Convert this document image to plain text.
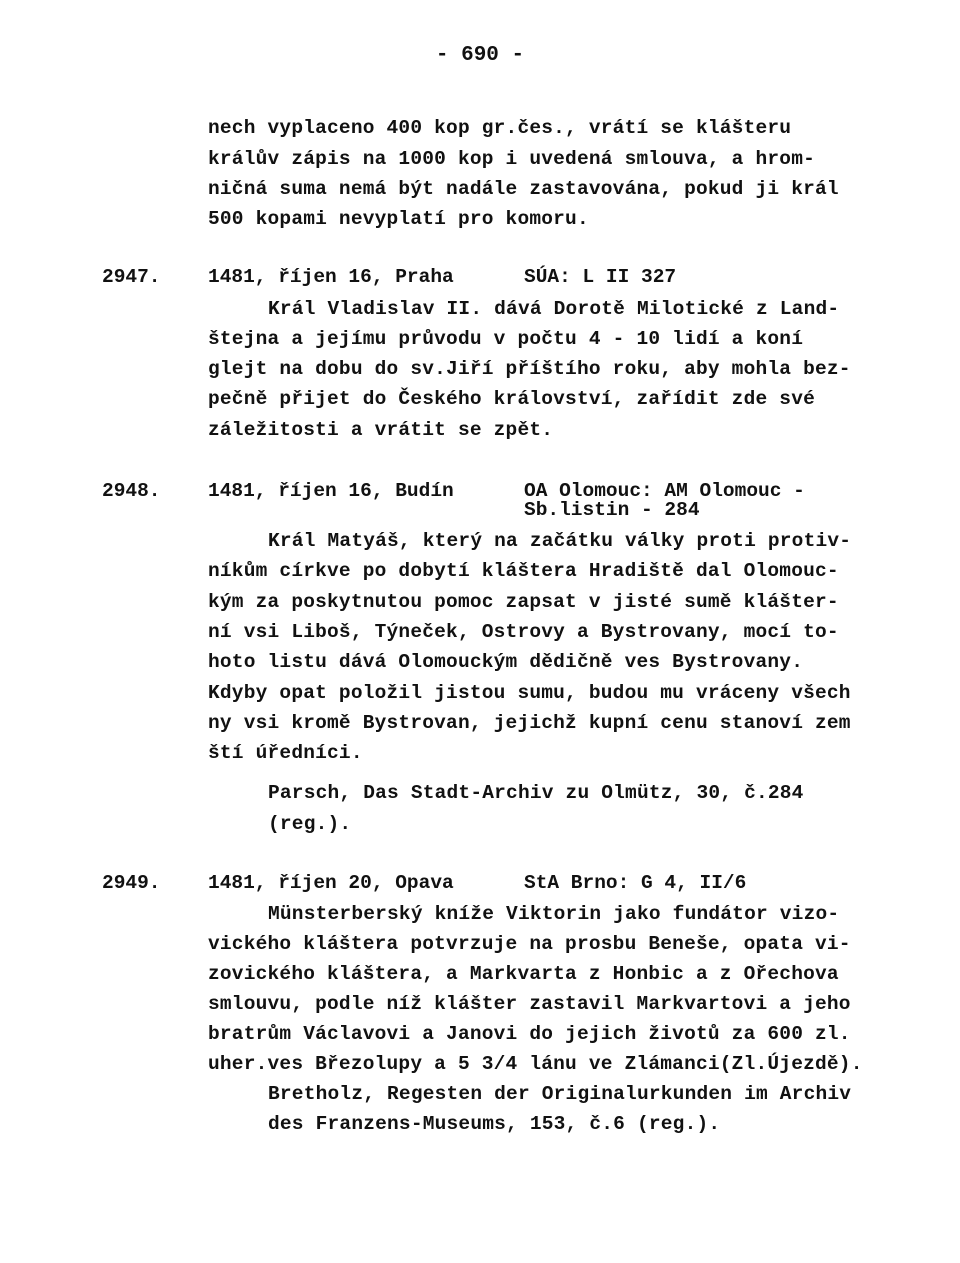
- 690 -
nech vyplaceno 400 kop gr.čes., vrátí se klášteru
králův zápis na 1000 kop i uvedená smlouva, a hrom-
ničná suma nemá být nadále zastavována, pokud ji král
500 kopami nevyplatí pro komoru.
2947. 1481, říjen 16, Praha	SÚA: L II 327
Král Vladislav II. dává Dorotě Milotické z Land-
štejna a jejímu průvodu v počtu 4 - 10 lidí a koní
glejt na dobu do sv.Jiří příštího roku, aby mohla bez-
pečně přijet do Českého království, zařídit zde své
záležitosti a vrátit se zpět.
2948. 1481, říjen 16, Budín	OA Olomouc: AM Olomouc -
Sb.listin - 284
Král Matyáš, který na začátku války proti protiv-
níkům církve po dobytí kláštera Hradiště dal Olomouc-
kým za poskytnutou pomoc zapsat v jisté sumě klášter-
ní vsi Liboš, Týneček, Ostrovy a Bystrovany, mocí to-
hoto listu dává Olomouckým dědičně ves Bystrovany.
Kdyby opat položil jistou sumu, budou mu vráceny všech
ny vsi kromě Bystrovan, jejichž kupní cenu stanoví zem
ští úředníci.
Parsch, Das Stadt-Archiv zu Olmütz, 30, č.284
(reg.).
2949. 1481, říjen 20, Opava	StA Brno: G 4, II/6
Münsterberský kníže Viktorin jako fundátor vizo-
vického kláštera potvrzuje na prosbu Beneše, opata vi-
zovického kláštera, a Markvarta z Honbic a z Ořechova
smlouvu, podle níž klášter zastavil Markvartovi a jeho
bratrům Václavovi a Janovi do jejich životů za 600 zl.
uher.ves Březolupy a 5 3/4 lánu ve Zlámanci(Zl.Újezdě).
Bretholz, Regesten der Originalurkunden im Archiv
des Franzens-Museums, 153, č.6 (reg.).
